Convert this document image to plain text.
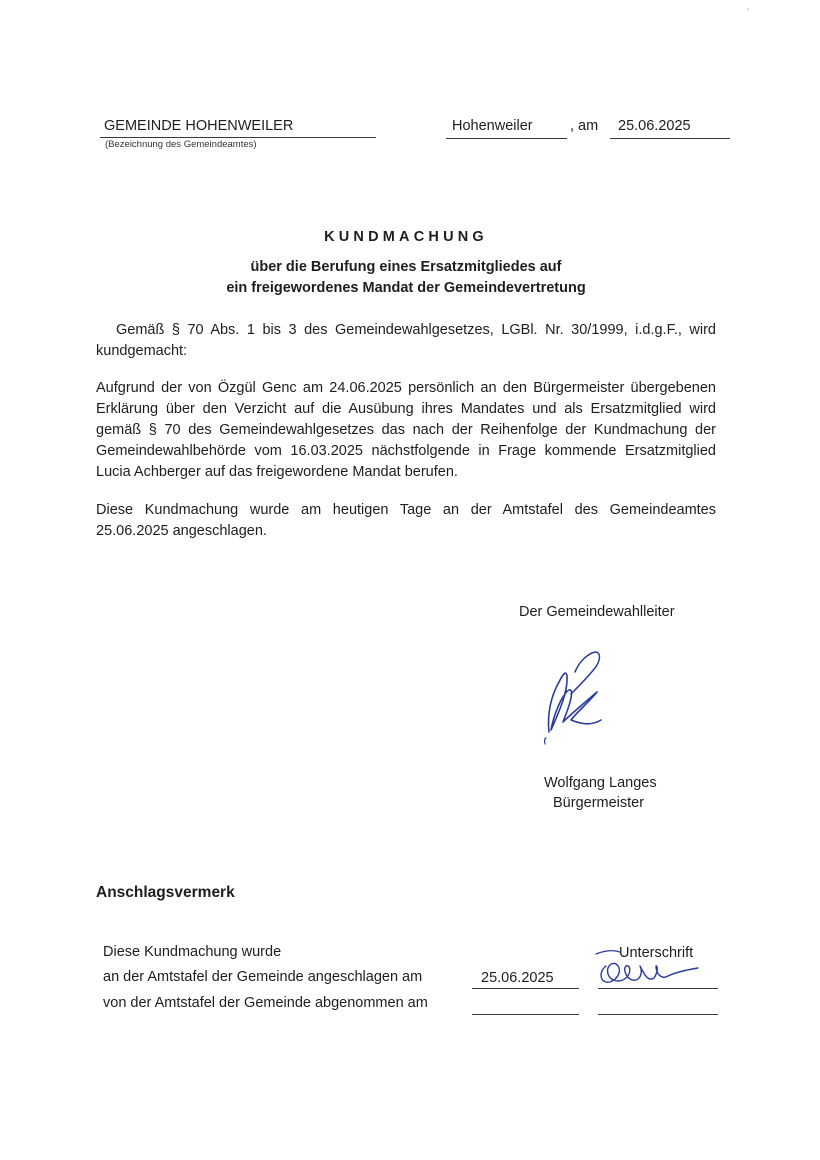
GEMEINDE HOHENWEILER
(Bezeichnung des Gemeindeamtes)
Hohenweiler	, am 25.06.2025
KUNDMACHUNG
über die Berufung eines Ersatzmitgliedes auf
ein freigewordenes Mandat der Gemeindevertretung
Gemäß § 70 Abs. 1 bis 3 des Gemeindewahlgesetzes, LGBl. Nr. 30/1999, i.d.g.F., wird
kundgemacht:
Aufgrund der von Özgül Genc am 24.06.2025 persönlich an den Bürgermeister übergebenen
Erklärung über den Verzicht auf die Ausübung ihres Mandates und als Ersatzmitglied wird
gemäß § 70 des Gemeindewahlgesetzes das nach der Reihenfolge der Kundmachung der
Gemeindewahlbehörde vom 16.03.2025 nächstfolgende in Frage kommende Ersatzmitglied
Lucia Achberger auf das freigewordene Mandat berufen.
Diese Kundmachung wurde am heutigen Tage an der Amtstafel des Gemeindeamtes
25.06.2025 angeschlagen.
Der Gemeindewahlleiter
Wolfgang Langes
Bürgermeister
Anschlagsvermerk
Diese Kundmachung wurde
an der Amtstafel der Gemeinde angeschlagen am
von der Amtstafel der Gemeinde abgenommen am
Unterschrift
25.06.2025
